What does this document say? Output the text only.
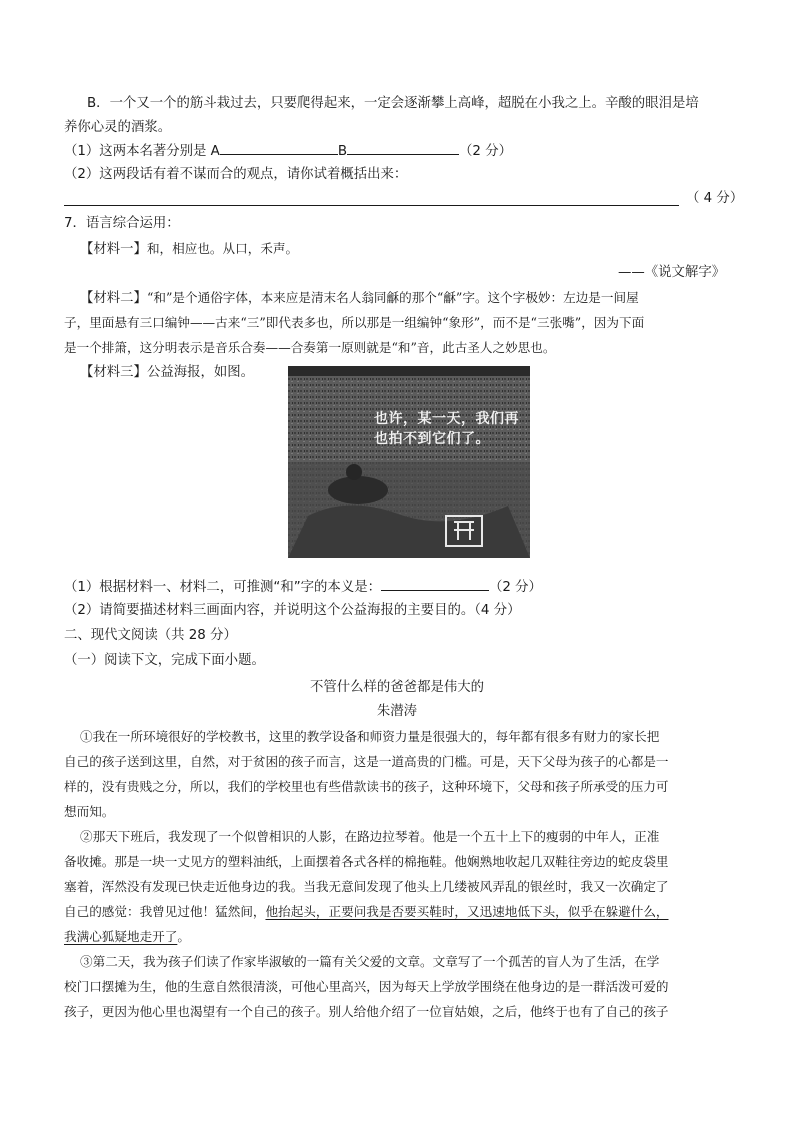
B．一个又一个的筋斗栽过去，只要爬得起来，一定会逐渐攀上高峰，超脱在小我之上。辛酸的眼泪是培
养你心灵的酒浆。
（1）这两本名著分别是 A	B	（2 分）
（2）这两段话有着不谋而合的观点，请你试着概括出来：
（ 4 分）
7．语言综合运用：
【材料一】和，相应也。从口，禾声。
——《说文解字》
【材料二】“和”是个通俗字体，本来应是清末名人翁同龢的那个“龢”字。这个字极妙：左边是一间屋
子，里面悬有三口编钟——古来“三”即代表多也，所以那是一组编钟“象形”，而不是“三张嘴”，因为下面
是一个排箫，这分明表示是音乐合奏——合奏第一原则就是“和”音，此古圣人之妙思也。
【材料三】公益海报，如图。
也许，某一天，我们再
也拍不到它们了。
（1）根据材料一、材料二，可推测“和”字的本义是：	（2 分）
（2）请简要描述材料三画面内容，并说明这个公益海报的主要目的。（4 分）
二、现代文阅读（共 28 分）
（一）阅读下文，完成下面小题。
不管什么样的爸爸都是伟大的
朱潜涛
①我在一所环境很好的学校教书，这里的教学设备和师资力量是很强大的，每年都有很多有财力的家长把
自己的孩子送到这里，自然，对于贫困的孩子而言，这是一道高贵的门槛。可是，天下父母为孩子的心都是一
样的，没有贵贱之分，所以，我们的学校里也有些借款读书的孩子，这种环境下，父母和孩子所承受的压力可
想而知。
②那天下班后，我发现了一个似曾相识的人影，在路边拉琴着。他是一个五十上下的瘦弱的中年人，正准
备收摊。那是一块一丈见方的塑料油纸，上面摆着各式各样的棉拖鞋。他娴熟地收起几双鞋往旁边的蛇皮袋里
塞着，浑然没有发现已快走近他身边的我。当我无意间发现了他头上几缕被风弄乱的银丝时，我又一次确定了
自己的感觉：我曾见过他！猛然间，他抬起头，正要问我是否要买鞋时，又迅速地低下头，似乎在躲避什么，
我满心狐疑地走开了。
③第二天，我为孩子们读了作家毕淑敏的一篇有关父爱的文章。文章写了一个孤苦的盲人为了生活，在学
校门口摆摊为生，他的生意自然很清淡，可他心里高兴，因为每天上学放学围绕在他身边的是一群活泼可爱的
孩子，更因为他心里也渴望有一个自己的孩子。别人给他介绍了一位盲姑娘，之后，他终于也有了自己的孩子
